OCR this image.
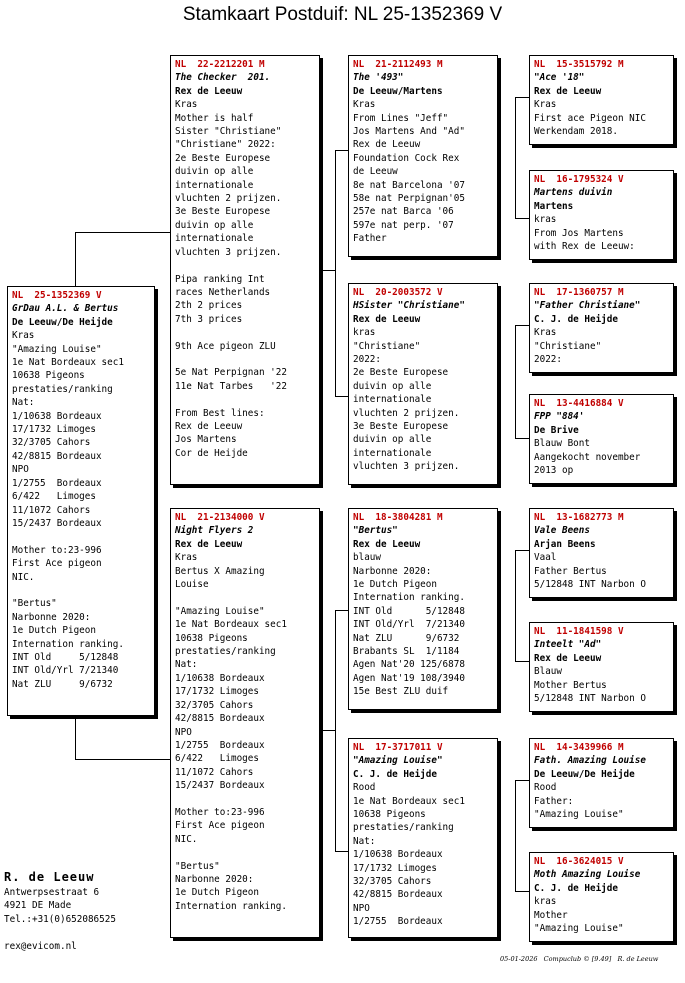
Stamkaart Postduif: NL 25-1352369 V
NL  25-1352369 V
GrDau A.L. & Bertus
De Leeuw/De Heijde
Kras
"Amazing Louise"
1e Nat Bordeaux sec1
10638 Pigeons
prestaties/ranking
Nat:
1/10638 Bordeaux
17/1732 Limoges
32/3705 Cahors
42/8815 Bordeaux
NPO
1/2755  Bordeaux
6/422   Limoges
11/1072 Cahors
15/2437 Bordeaux

Mother to:23-996
First Ace pigeon
NIC.

"Bertus"
Narbonne 2020:
1e Dutch Pigeon
Internation ranking.
INT Old     5/12848
INT Old/Yrl 7/21340
Nat ZLU     9/6732
NL  22-2212201 M
The Checker  201.
Rex de Leeuw
Kras
Mother is half
Sister "Christiane"
"Christiane" 2022:
2e Beste Europese
duivin op alle
internationale
vluchten 2 prijzen.
3e Beste Europese
duivin op alle
internationale
vluchten 3 prijzen.

Pipa ranking Int
races Netherlands
2th 2 prices
7th 3 prices

9th Ace pigeon ZLU

5e Nat Perpignan '22
11e Nat Tarbes   '22

From Best lines:
Rex de Leeuw
Jos Martens
Cor de Heijde
NL  21-2134000 V
Night Flyers 2
Rex de Leeuw
Kras
Bertus X Amazing
Louise

"Amazing Louise"
1e Nat Bordeaux sec1
10638 Pigeons
prestaties/ranking
Nat:
1/10638 Bordeaux
17/1732 Limoges
32/3705 Cahors
42/8815 Bordeaux
NPO
1/2755  Bordeaux
6/422   Limoges
11/1072 Cahors
15/2437 Bordeaux

Mother to:23-996
First Ace pigeon
NIC.

"Bertus"
Narbonne 2020:
1e Dutch Pigeon
Internation ranking.
NL  21-2112493 M
The '493"
De Leeuw/Martens
Kras
From Lines "Jeff"
Jos Martens And "Ad"
Rex de Leeuw
Foundation Cock Rex
de Leeuw
8e nat Barcelona '07
58e nat Perpignan'05
257e nat Barca '06
597e nat perp. '07
Father
NL  20-2003572 V
HSister "Christiane"
Rex de Leeuw
kras
"Christiane"
2022:
2e Beste Europese
duivin op alle
internationale
vluchten 2 prijzen.
3e Beste Europese
duivin op alle
internationale
vluchten 3 prijzen.
NL  18-3804281 M
"Bertus"
Rex de Leeuw
blauw
Narbonne 2020:
1e Dutch Pigeon
Internation ranking.
INT Old      5/12848
INT Old/Yrl  7/21340
Nat ZLU      9/6732
Brabants SL  1/1184
Agen Nat'20 125/6878
Agen Nat'19 108/3940
15e Best ZLU duif
NL  17-3717011 V
"Amazing Louise"
C. J. de Heijde
Rood
1e Nat Bordeaux sec1
10638 Pigeons
prestaties/ranking
Nat:
1/10638 Bordeaux
17/1732 Limoges
32/3705 Cahors
42/8815 Bordeaux
NPO
1/2755  Bordeaux
NL  15-3515792 M
"Ace '18"
Rex de Leeuw
Kras
First ace Pigeon NIC
Werkendam 2018.
NL  16-1795324 V
Martens duivin
Martens
kras
From Jos Martens
with Rex de Leeuw:
NL  17-1360757 M
"Father Christiane"
C. J. de Heijde
Kras
"Christiane"
2022:
NL  13-4416884 V
FPP "884'
De Brive
Blauw Bont
Aangekocht november
2013 op
NL  13-1682773 M
Vale Beens
Arjan Beens
Vaal
Father Bertus
5/12848 INT Narbon O
NL  11-1841598 V
Inteelt "Ad"
Rex de Leeuw
Blauw
Mother Bertus
5/12848 INT Narbon O
NL  14-3439966 M
Fath. Amazing Louise
De Leeuw/De Heijde
Rood
Father:
"Amazing Louise"
NL  16-3624015 V
Moth Amazing Louise
C. J. de Heijde
kras
Mother
"Amazing Louise"
R. de Leeuw
Antwerpsestraat 6
4921 DE Made
Tel.:+31(0)652086525
rex@evicom.nl
05-01-2026   Compuclub © [9.49]   R. de Leeuw
